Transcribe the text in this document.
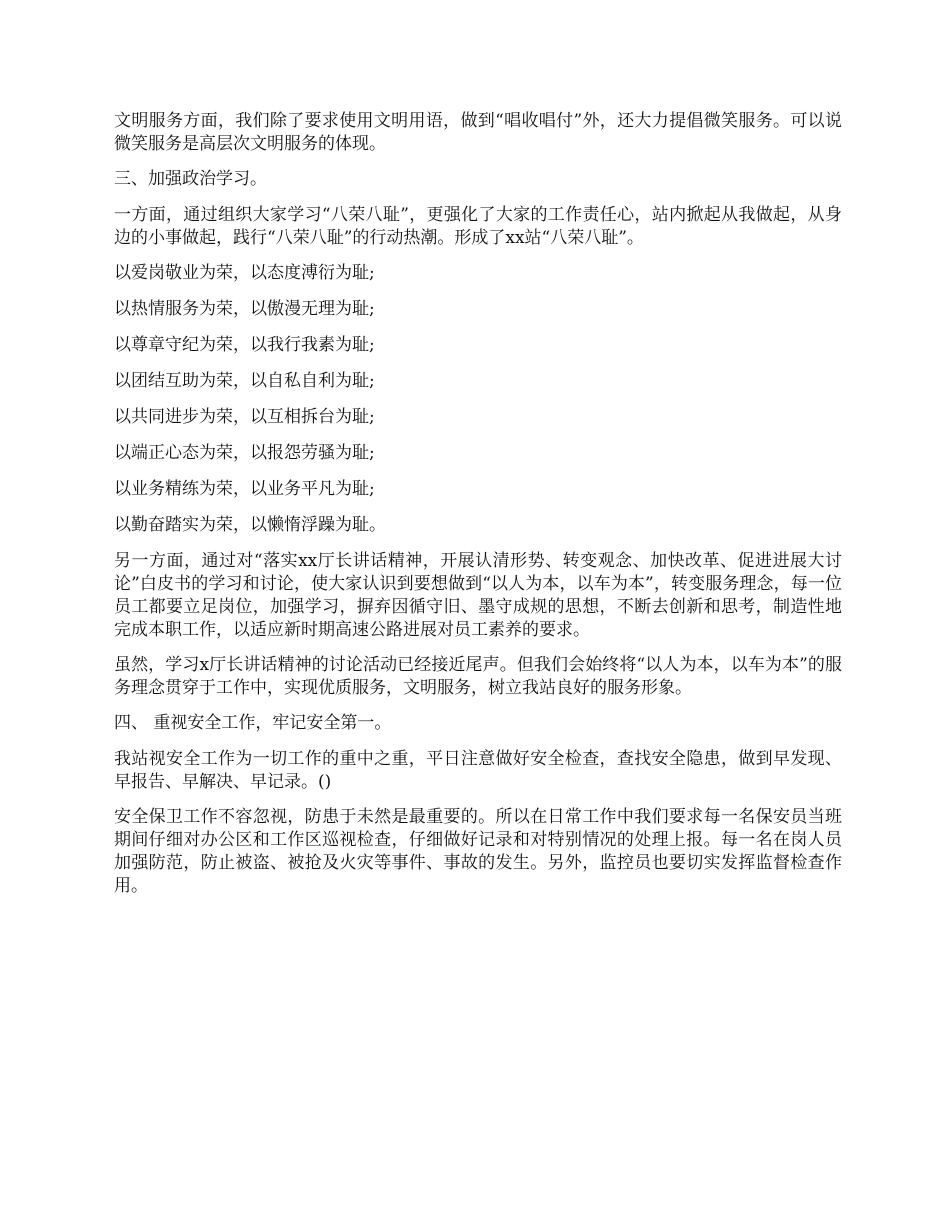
文明服务方面，我们除了要求使用文明用语，做到“唱收唱付”外，还大力提倡微笑服务。可以说微笑服务是高层次文明服务的体现。

三、加强政治学习。

一方面，通过组织大家学习“八荣八耻”，更强化了大家的工作责任心，站内掀起从我做起，从身边的小事做起，践行“八荣八耻”的行动热潮。形成了xx站“八荣八耻”。

以爱岗敬业为荣，以态度溥衍为耻;

以热情服务为荣，以傲漫无理为耻;

以尊章守纪为荣，以我行我素为耻;

以团结互助为荣，以自私自利为耻;

以共同进步为荣，以互相拆台为耻;

以端正心态为荣，以报怨劳骚为耻;

以业务精练为荣，以业务平凡为耻;

以勤奋踏实为荣，以懒惰浮躁为耻。

另一方面，通过对“落实xx厅长讲话精神，开展认清形势、转变观念、加快改革、促进进展大讨论”白皮书的学习和讨论，使大家认识到要想做到“以人为本，以车为本”，转变服务理念，每一位员工都要立足岗位，加强学习，摒弃因循守旧、墨守成规的思想，不断去创新和思考，制造性地完成本职工作，以适应新时期高速公路进展对员工素养的要求。

虽然，学习x厅长讲话精神的讨论活动已经接近尾声。但我们会始终将“以人为本，以车为本”的服务理念贯穿于工作中，实现优质服务，文明服务，树立我站良好的服务形象。

四、 重视安全工作，牢记安全第一。

我站视安全工作为一切工作的重中之重，平日注意做好安全检查，查找安全隐患，做到早发现、早报告、早解决、早记录。()

安全保卫工作不容忽视，防患于未然是最重要的。所以在日常工作中我们要求每一名保安员当班期间仔细对办公区和工作区巡视检查，仔细做好记录和对特别情况的处理上报。每一名在岗人员加强防范，防止被盗、被抢及火灾等事件、事故的发生。另外，监控员也要切实发挥监督检查作用。
